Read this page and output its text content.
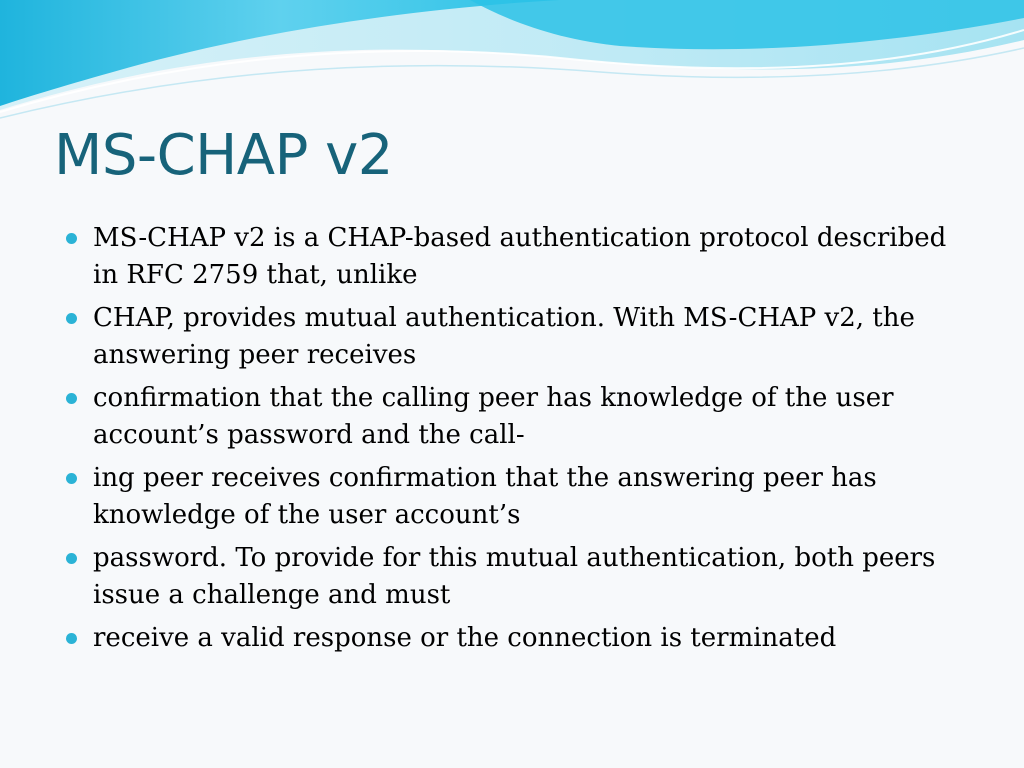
MS-CHAP v2
MS-CHAP v2 is a CHAP-based authentication protocol described in RFC 2759 that, unlike
CHAP, provides mutual authentication. With MS-CHAP v2, the answering peer receives
confirmation that the calling peer has knowledge of the user account’s password and the call-
ing peer receives confirmation that the answering peer has knowledge of the user account’s
password. To provide for this mutual authentication, both peers issue a challenge and must
receive a valid response or the connection is terminated
